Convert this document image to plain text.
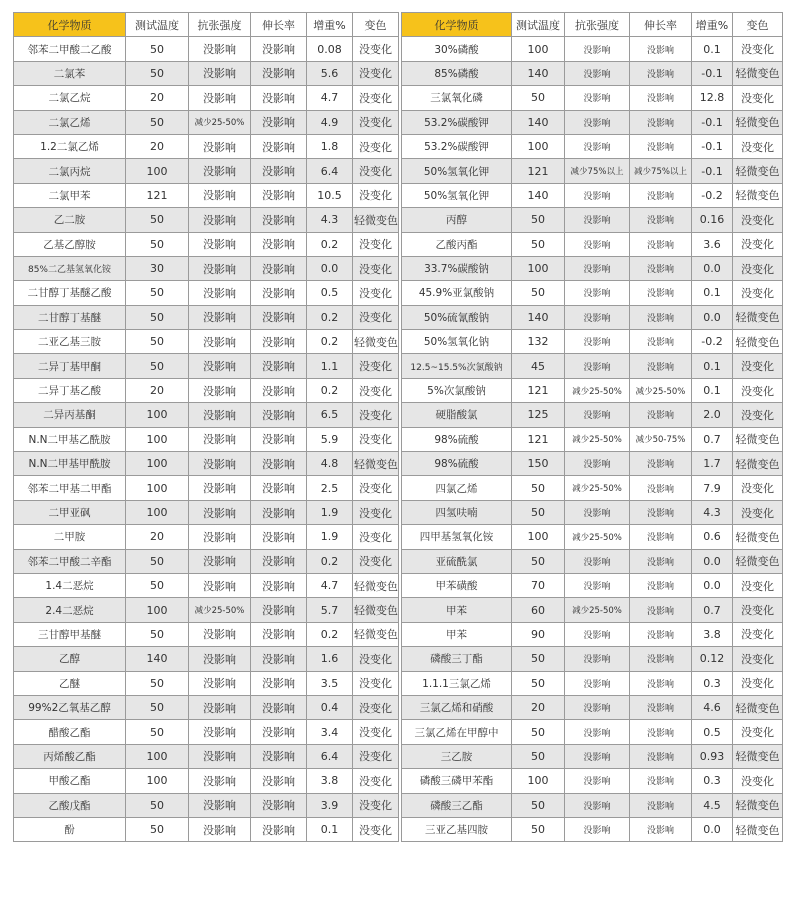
化学物质	测试温度	抗张强度	伸长率	增重%	变色
邻苯二甲酸二乙酸	50	没影响	没影响	0.08	没变化
二氯苯	50	没影响	没影响	5.6	没变化
二氯乙烷	20	没影响	没影响	4.7	没变化
二氯乙烯	50	减少25-50%	没影响	4.9	没变化
1.2二氯乙烯	20	没影响	没影响	1.8	没变化
二氯丙烷	100	没影响	没影响	6.4	没变化
二氯甲苯	121	没影响	没影响	10.5	没变化
乙二胺	50	没影响	没影响	4.3	轻微变色
乙基乙醇胺	50	没影响	没影响	0.2	没变化
85%二乙基氢氧化铵	30	没影响	没影响	0.0	没变化
二甘醇丁基醚乙酸	50	没影响	没影响	0.5	没变化
二甘醇丁基醚	50	没影响	没影响	0.2	没变化
二亚乙基三胺	50	没影响	没影响	0.2	轻微变色
二异丁基甲酮	50	没影响	没影响	1.1	没变化
二异丁基乙酸	20	没影响	没影响	0.2	没变化
二异丙基酮	100	没影响	没影响	6.5	没变化
N.N二甲基乙酰胺	100	没影响	没影响	5.9	没变化
N.N二甲基甲酰胺	100	没影响	没影响	4.8	轻微变色
邻苯二甲基二甲酯	100	没影响	没影响	2.5	没变化
二甲亚砜	100	没影响	没影响	1.9	没变化
二甲胺	20	没影响	没影响	1.9	没变化
邻苯二甲酸二辛酯	50	没影响	没影响	0.2	没变化
1.4二恶烷	50	没影响	没影响	4.7	轻微变色
2.4二恶烷	100	减少25-50%	没影响	5.7	轻微变色
三甘醇甲基醚	50	没影响	没影响	0.2	轻微变色
乙醇	140	没影响	没影响	1.6	没变化
乙醚	50	没影响	没影响	3.5	没变化
99%2乙氧基乙醇	50	没影响	没影响	0.4	没变化
醋酸乙酯	50	没影响	没影响	3.4	没变化
丙烯酸乙酯	100	没影响	没影响	6.4	没变化
甲酸乙酯	100	没影响	没影响	3.8	没变化
乙酸戊酯	50	没影响	没影响	3.9	没变化
酚	50	没影响	没影响	0.1	没变化
化学物质	测试温度	抗张强度	伸长率	增重%	变色
30%磷酸	100	没影响	没影响	0.1	没变化
85%磷酸	140	没影响	没影响	-0.1	轻微变色
三氯氧化磷	50	没影响	没影响	12.8	没变化
53.2%碳酸钾	140	没影响	没影响	-0.1	轻微变色
53.2%碳酸钾	100	没影响	没影响	-0.1	没变化
50%氢氧化钾	121	减少75%以上	减少75%以上	-0.1	轻微变色
50%氢氧化钾	140	没影响	没影响	-0.2	轻微变色
丙醇	50	没影响	没影响	0.16	没变化
乙酸丙酯	50	没影响	没影响	3.6	没变化
33.7%碳酸钠	100	没影响	没影响	0.0	没变化
45.9%亚氯酸钠	50	没影响	没影响	0.1	没变化
50%硫氰酸钠	140	没影响	没影响	0.0	轻微变色
50%氢氧化钠	132	没影响	没影响	-0.2	轻微变色
12.5~15.5%次氯酸钠	45	没影响	没影响	0.1	没变化
5%次氯酸钠	121	减少25-50%	减少25-50%	0.1	没变化
硬脂酸氯	125	没影响	没影响	2.0	没变化
98%硫酸	121	减少25-50%	减少50-75%	0.7	轻微变色
98%硫酸	150	没影响	没影响	1.7	轻微变色
四氯乙烯	50	减少25-50%	没影响	7.9	没变化
四氢呋喃	50	没影响	没影响	4.3	没变化
四甲基氢氧化铵	100	减少25-50%	没影响	0.6	轻微变色
亚硫酰氯	50	没影响	没影响	0.0	轻微变色
甲苯磺酸	70	没影响	没影响	0.0	没变化
甲苯	60	减少25-50%	没影响	0.7	没变化
甲苯	90	没影响	没影响	3.8	没变化
磷酸三丁酯	50	没影响	没影响	0.12	没变化
1.1.1三氯乙烯	50	没影响	没影响	0.3	没变化
三氯乙烯和硝酸	20	没影响	没影响	4.6	轻微变色
三氯乙烯在甲醇中	50	没影响	没影响	0.5	没变化
三乙胺	50	没影响	没影响	0.93	轻微变色
磷酸三磷甲苯酯	100	没影响	没影响	0.3	没变化
磷酸三乙酯	50	没影响	没影响	4.5	轻微变色
三亚乙基四胺	50	没影响	没影响	0.0	轻微变色
